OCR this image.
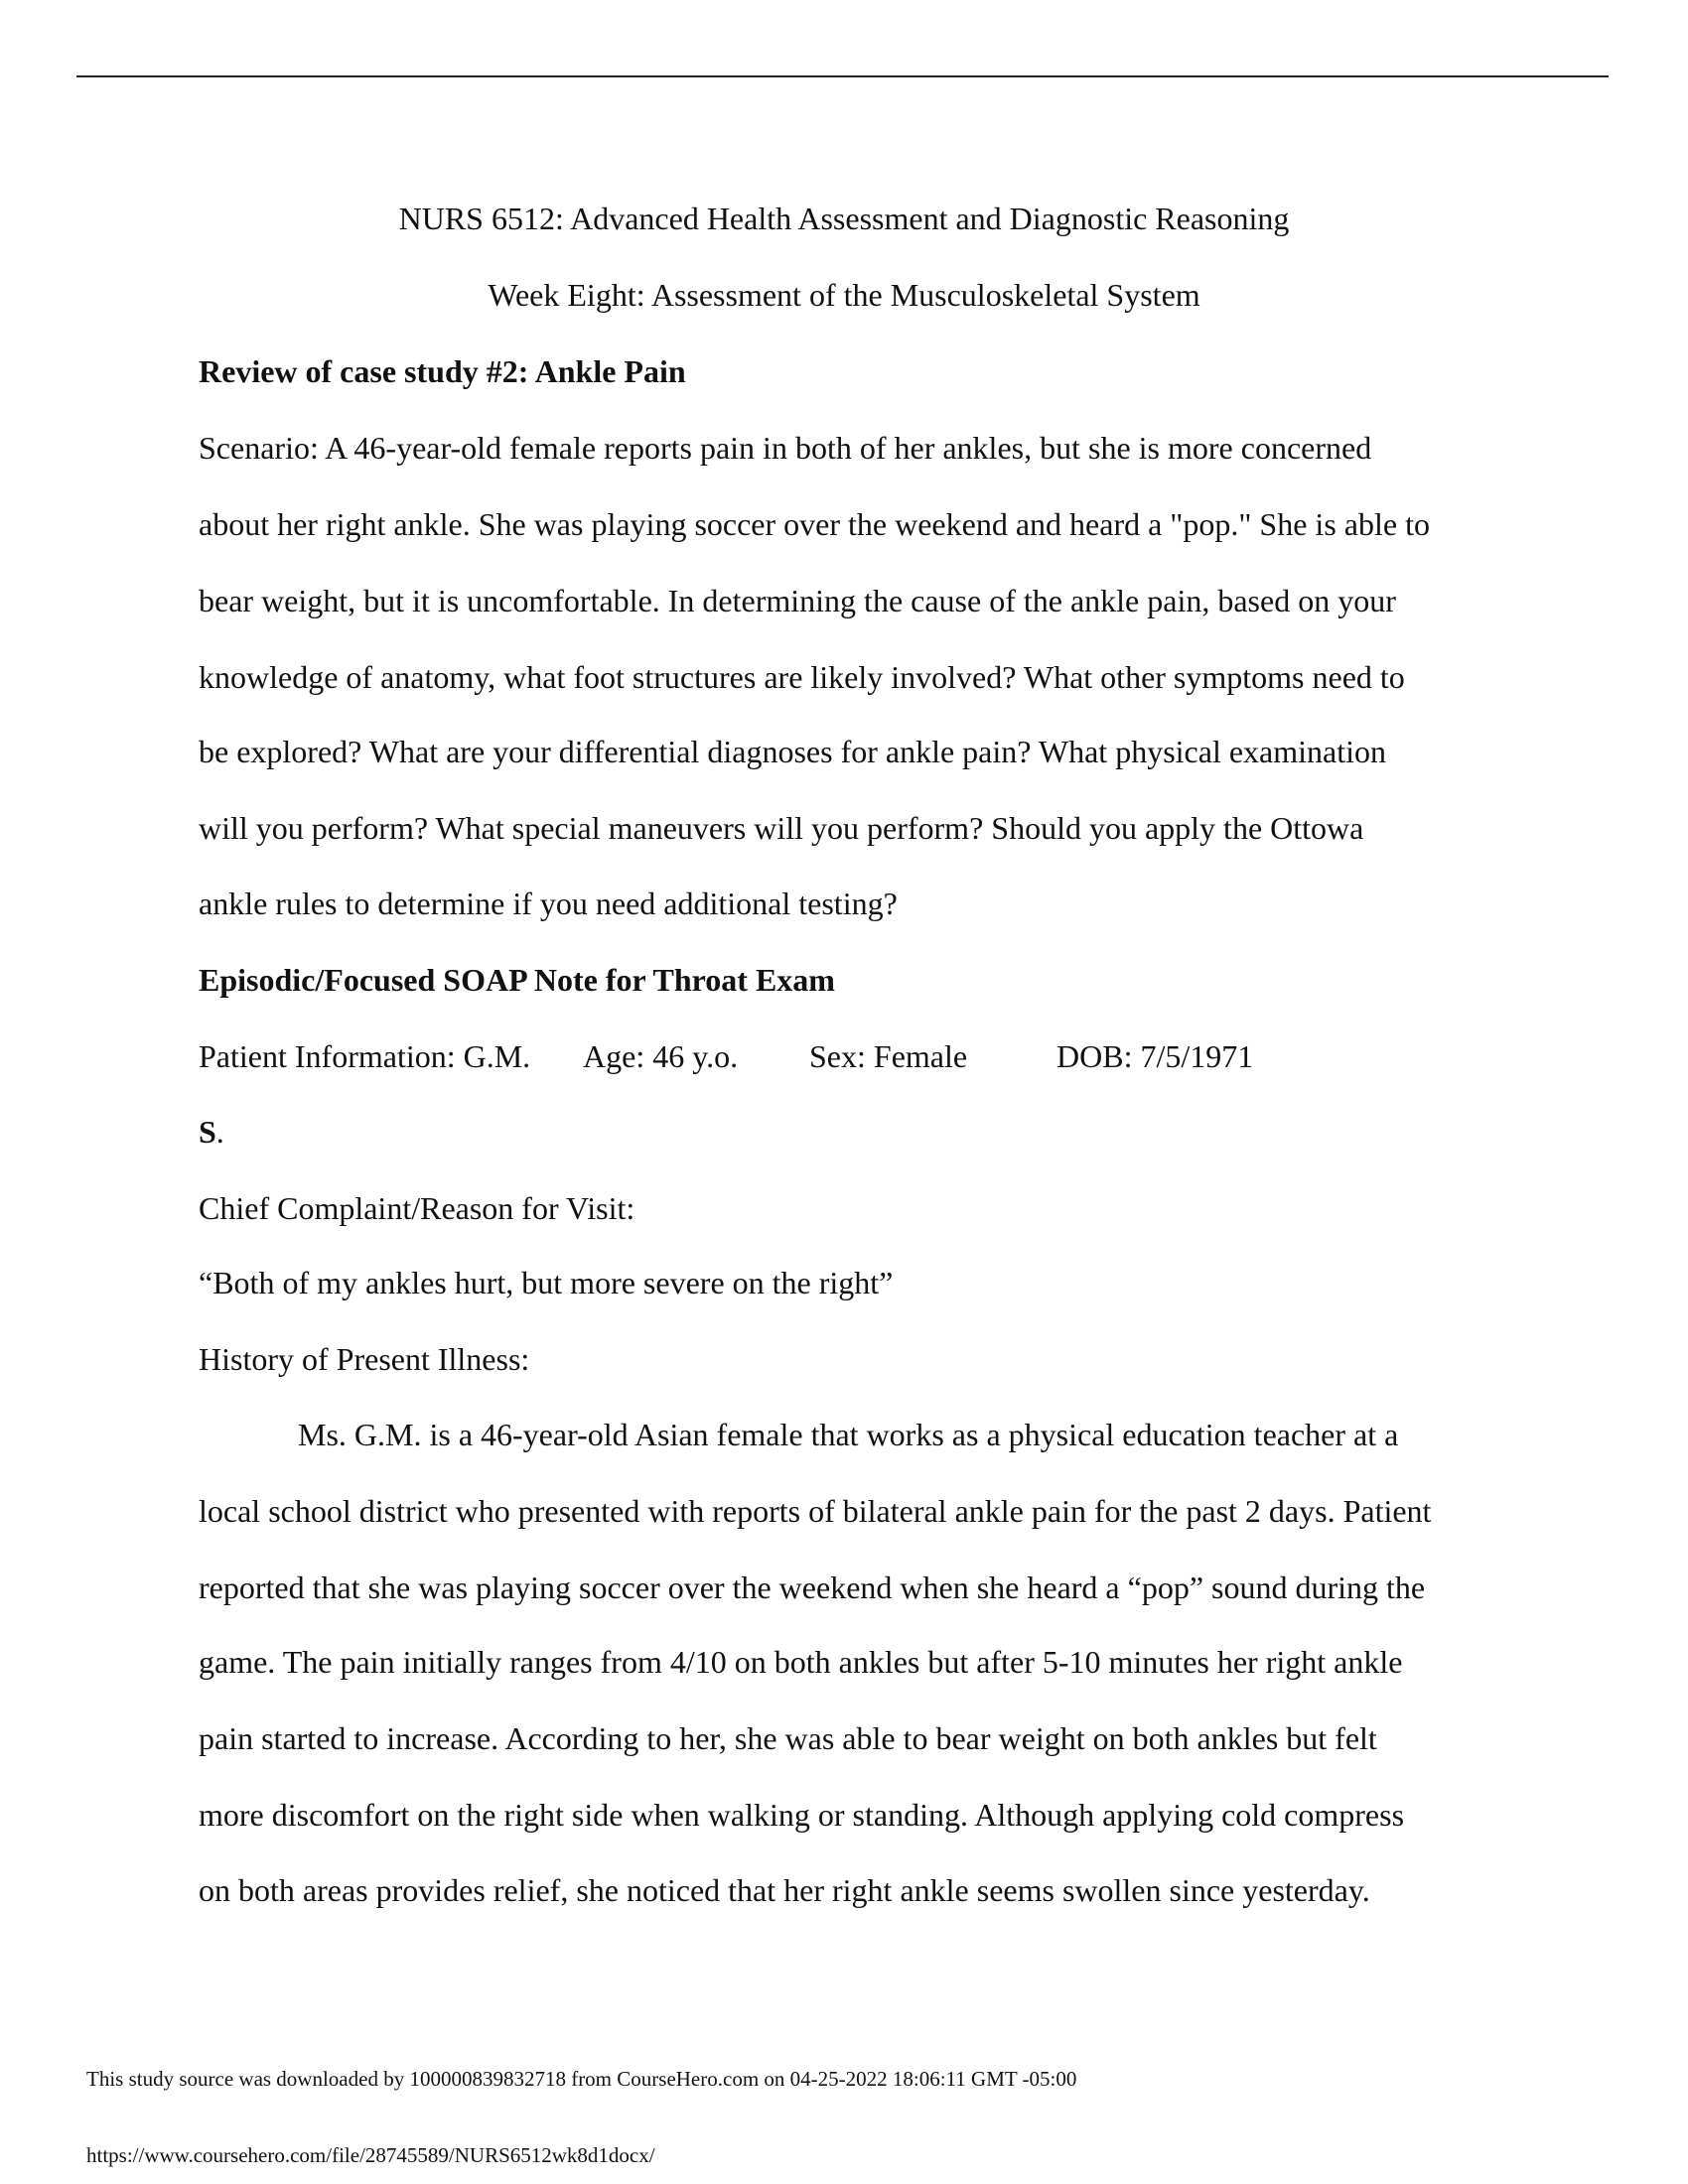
NURS 6512: Advanced Health Assessment and Diagnostic Reasoning
Week Eight: Assessment of the Musculoskeletal System
Review of case study #2: Ankle Pain
Scenario: A 46-year-old female reports pain in both of her ankles, but she is more concerned
about her right ankle. She was playing soccer over the weekend and heard a "pop." She is able to
bear weight, but it is uncomfortable. In determining the cause of the ankle pain, based on your
knowledge of anatomy, what foot structures are likely involved? What other symptoms need to
be explored? What are your differential diagnoses for ankle pain? What physical examination
will you perform? What special maneuvers will you perform? Should you apply the Ottowa
ankle rules to determine if you need additional testing?
Episodic/Focused SOAP Note for Throat Exam
Patient Information: G.M. Age: 46 y.o. Sex: Female	DOB: 7/5/1971
S.
Chief Complaint/Reason for Visit:
“Both of my ankles hurt, but more severe on the right”
History of Present Illness:
Ms. G.M. is a 46-year-old Asian female that works as a physical education teacher at a
local school district who presented with reports of bilateral ankle pain for the past 2 days. Patient
reported that she was playing soccer over the weekend when she heard a “pop” sound during the
game. The pain initially ranges from 4/10 on both ankles but after 5-10 minutes her right ankle
pain started to increase. According to her, she was able to bear weight on both ankles but felt
more discomfort on the right side when walking or standing. Although applying cold compress
on both areas provides relief, she noticed that her right ankle seems swollen since yesterday.
This study source was downloaded by 100000839832718 from CourseHero.com on 04-25-2022 18:06:11 GMT -05:00
https://www.coursehero.com/file/28745589/NURS6512wk8d1docx/
